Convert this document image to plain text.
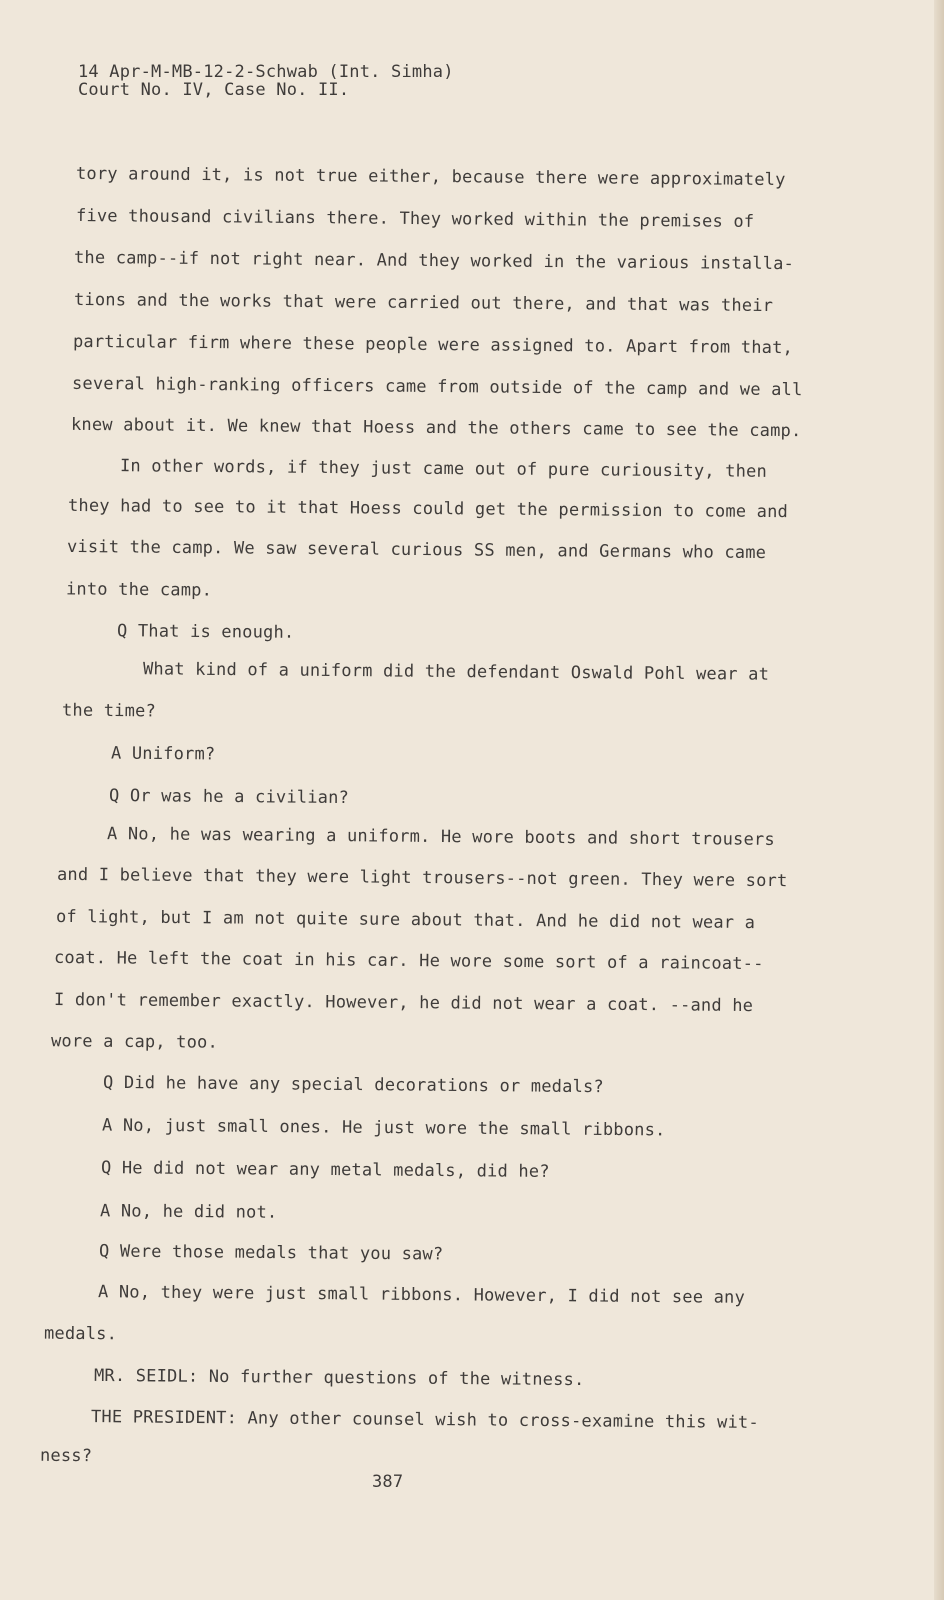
14 Apr-M-MB-12-2-Schwab (Int. Simha)
Court No. IV, Case No. II.
tory around it, is not true either, because there were approximately
five thousand civilians there. They worked within the premises of
the camp--if not right near. And they worked in the various installa-
tions and the works that were carried out there, and that was their
particular firm where these people were assigned to. Apart from that,
several high-ranking officers came from outside of the camp and we all
knew about it. We knew that Hoess and the others came to see the camp.
In other words, if they just came out of pure curiousity, then
they had to see to it that Hoess could get the permission to come and
visit the camp. We saw several curious SS men, and Germans who came
into the camp.
Q That is enough.
What kind of a uniform did the defendant Oswald Pohl wear at
the time?
A Uniform?
Q Or was he a civilian?
A No, he was wearing a uniform. He wore boots and short trousers
and I believe that they were light trousers--not green. They were sort
of light, but I am not quite sure about that. And he did not wear a
coat. He left the coat in his car. He wore some sort of a raincoat--
I don't remember exactly. However, he did not wear a coat. --and he
wore a cap, too.
Q Did he have any special decorations or medals?
A No, just small ones. He just wore the small ribbons.
Q He did not wear any metal medals, did he?
A No, he did not.
Q Were those medals that you saw?
A No, they were just small ribbons. However, I did not see any
medals.
MR. SEIDL: No further questions of the witness.
THE PRESIDENT: Any other counsel wish to cross-examine this wit-
ness?
387
